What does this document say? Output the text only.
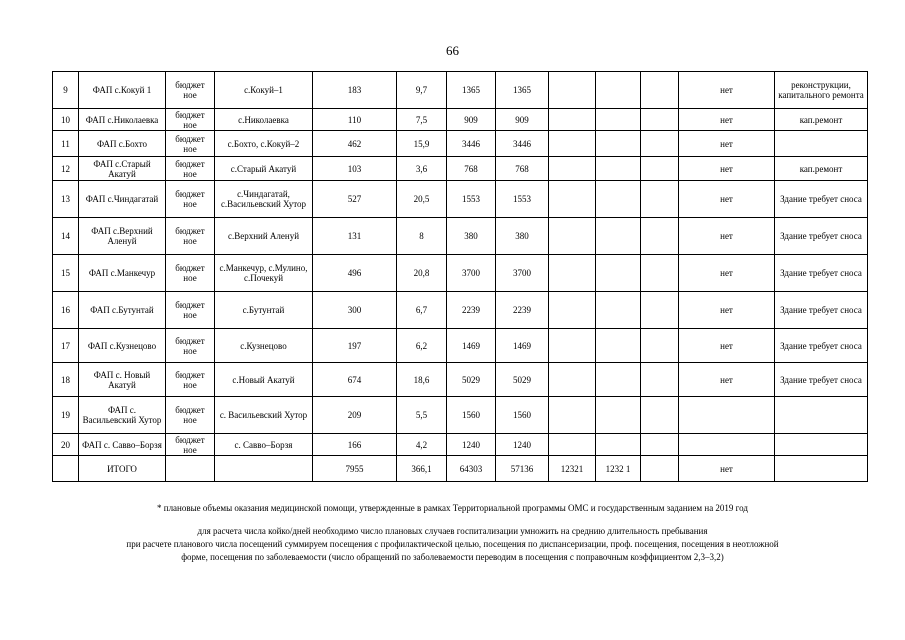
66
9	ФАП с.Кокуй 1	бюджет ное	с.Кокуй–1	183	9,7	1365	1365				нет	реконструкции, капитального ремонта
10	ФАП с.Николаевка	бюджет ное	с.Николаевка	110	7,5	909	909				нет	кап.ремонт
11	ФАП с.Бохто	бюджет ное	с.Бохто, с.Кокуй–2	462	15,9	3446	3446				нет	
12	ФАП с.Старый Акатуй	бюджет ное	с.Старый Акатуй	103	3,6	768	768				нет	кап.ремонт
13	ФАП с.Чиндагатай	бюджет ное	с.Чиндагатай, с.Васильевский Хутор	527	20,5	1553	1553				нет	Здание требует сноса
14	ФАП с.Верхний Аленуй	бюджет ное	с.Верхний Аленуй	131	8	380	380				нет	Здание требует сноса
15	ФАП с.Манкечур	бюджет ное	с.Манкечур, с.Мулино, с.Почекуй	496	20,8	3700	3700				нет	Здание требует сноса
16	ФАП с.Бутунтай	бюджет ное	с.Бутунтай	300	6,7	2239	2239				нет	Здание требует сноса
17	ФАП с.Кузнецово	бюджет ное	с.Кузнецово	197	6,2	1469	1469				нет	Здание требует сноса
18	ФАП с. Новый Акатуй	бюджет ное	с.Новый Акатуй	674	18,6	5029	5029				нет	Здание требует сноса
19	ФАП с. Васильевский Хутор	бюджет ное	с. Васильевский Хутор	209	5,5	1560	1560					
20	ФАП с. Савво–Борзя	бюджет ное	с. Савво–Борзя	166	4,2	1240	1240					
	ИТОГО			7955	366,1	64303	57136	12321	1232 1		нет	
* плановые объемы оказания медицинской помощи, утвержденные в рамках Территориальной программы ОМС и государственным заданием на 2019 год
для расчета числа койко/дней необходимо число плановых случаев госпитализации умножить на среднию длительность пребывания
при расчете планового числа посещений суммируем посещения с профилактической целью, посещения по диспансеризации, проф. посещения, посещения в неотложной
форме, посещения по заболеваемости (число обращений по заболеваемости переводим в посещения с поправочным коэффициентом 2,3–3,2)
